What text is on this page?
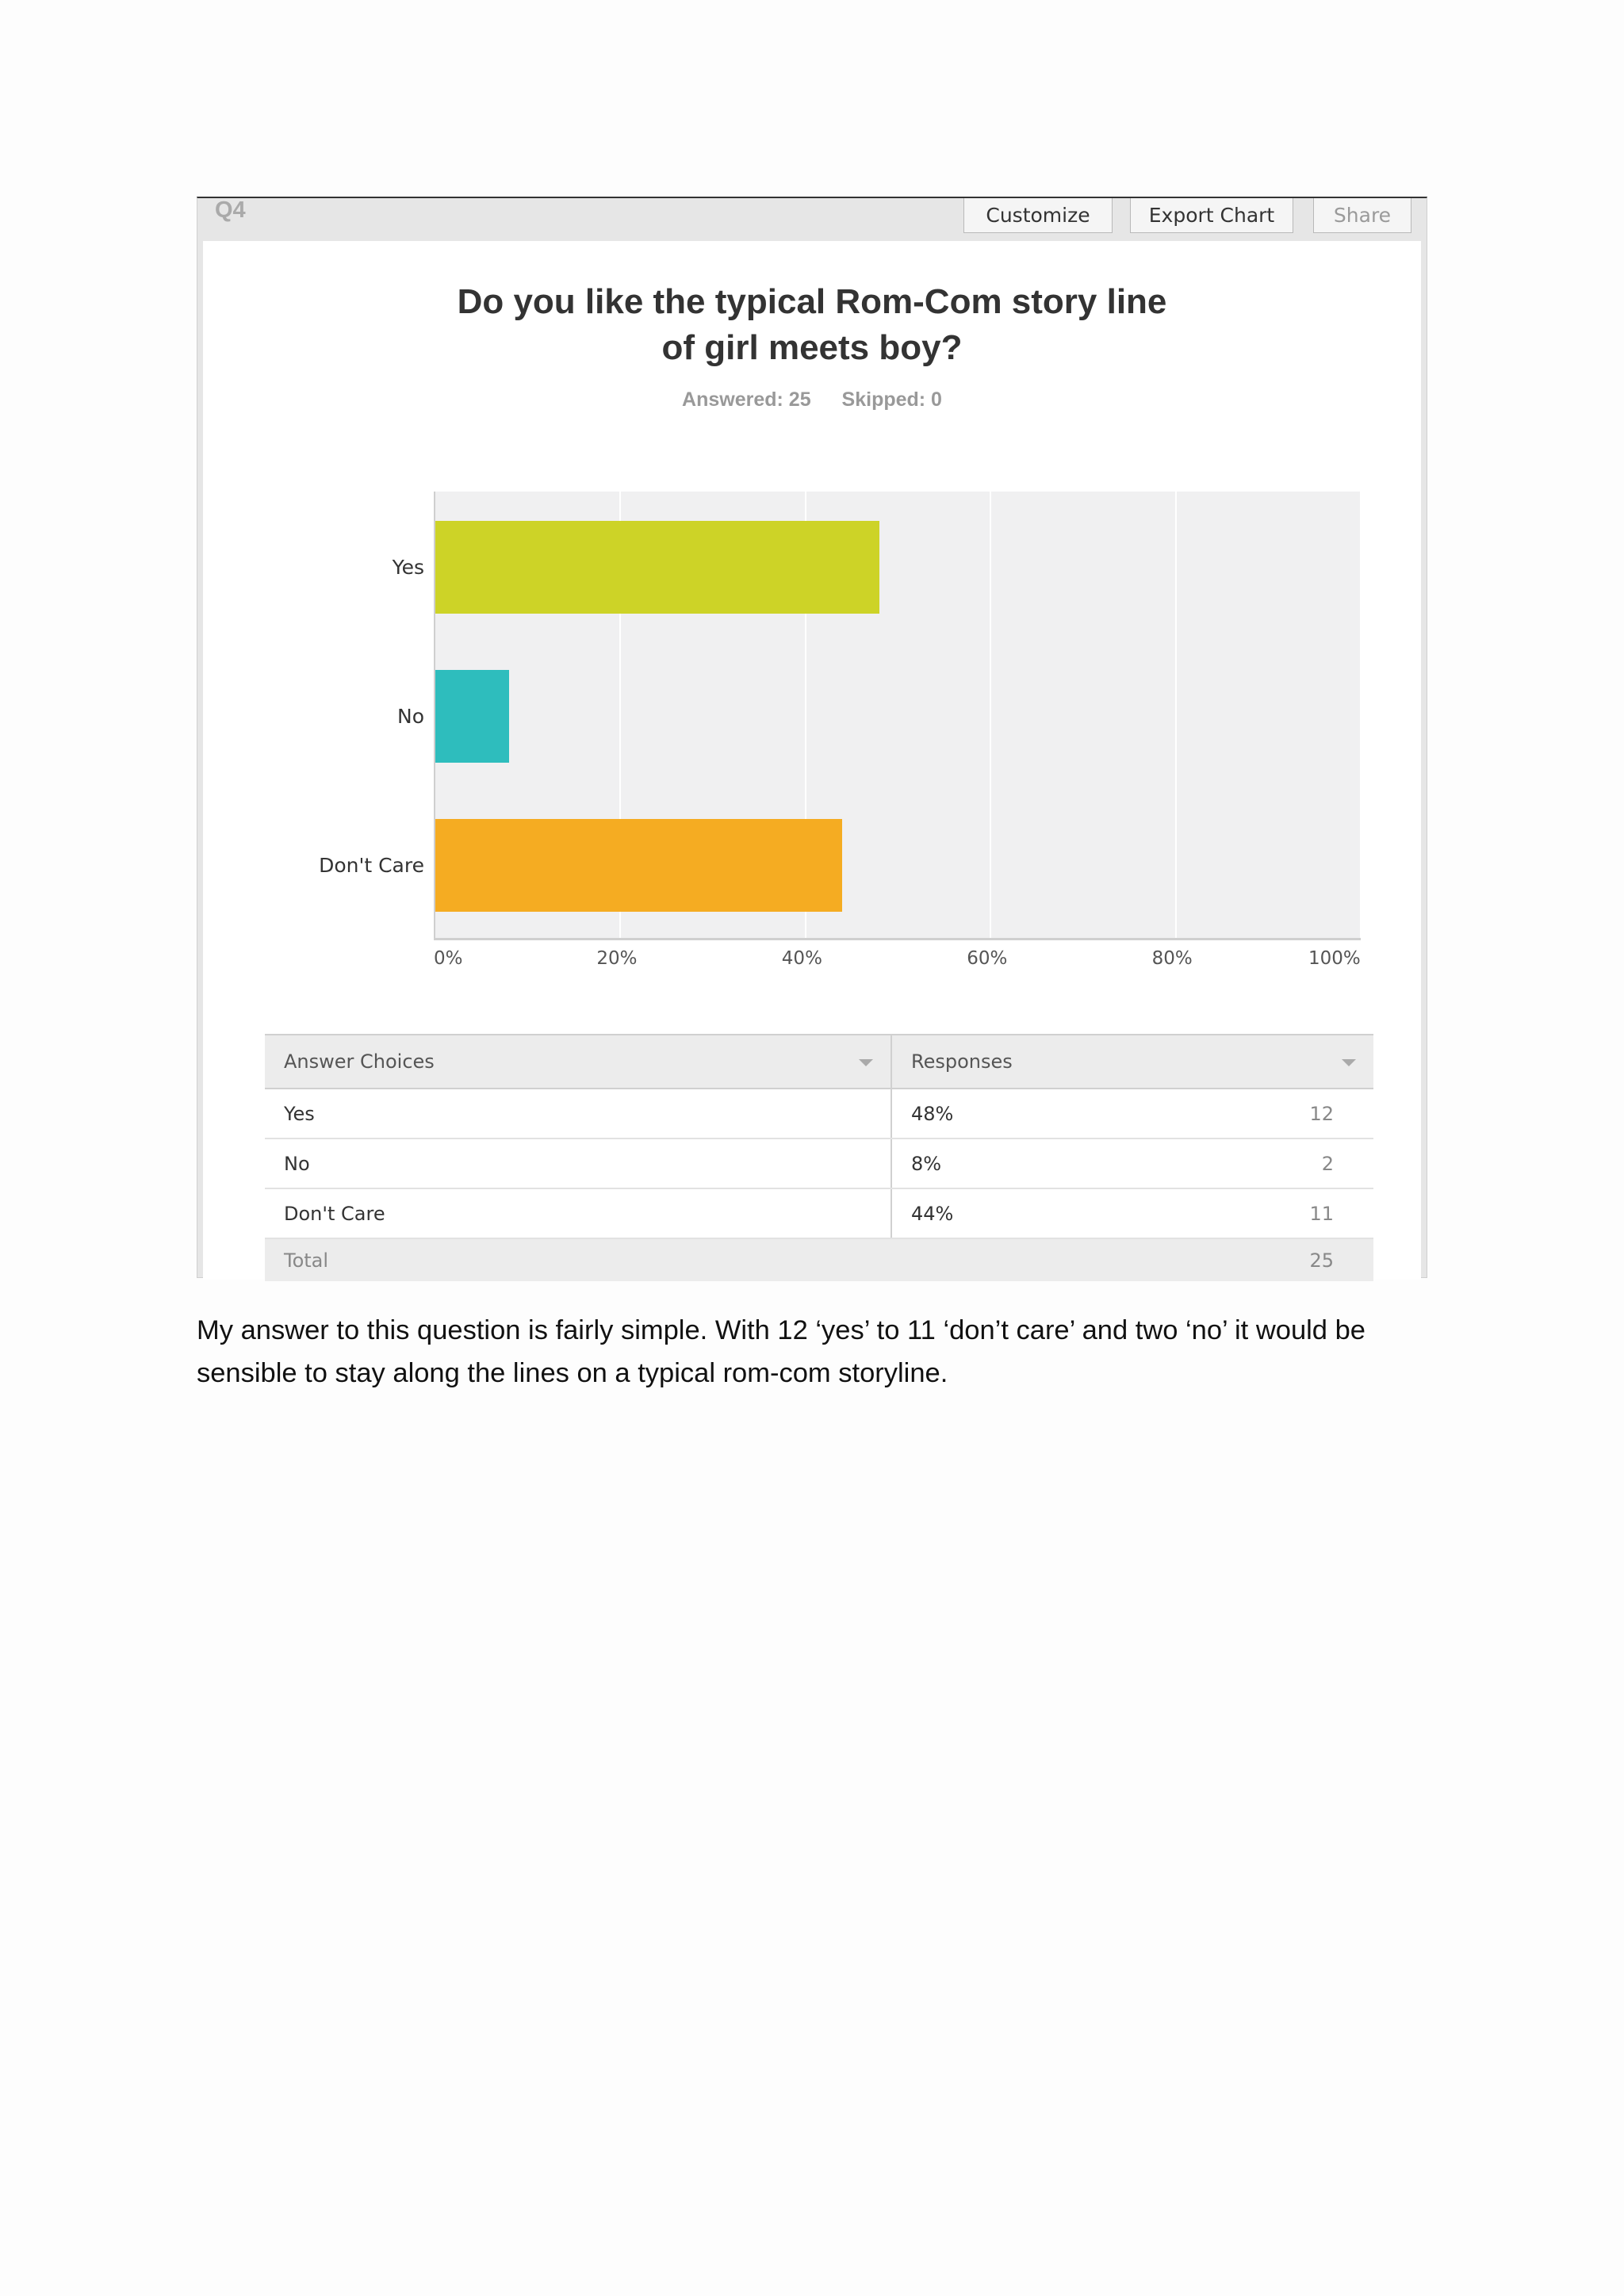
Q4	Customize	Export Chart	Share
Do you like the typical Rom-Com story line
of girl meets boy?
Answered: 25 Skipped: 0
Answer Choices	Responses

Yes	48% 12

No	8% 2

Don't Care	44% 11

Total 25	
Yes
No
Don't Care
0%	20%	40%	60%	80%	100%

My answer to this question is fairly simple. With 12 ‘yes’ to 11 ‘don’t care’ and two ‘no’ it would be

sensible to stay along the lines on a typical rom-com storyline.
